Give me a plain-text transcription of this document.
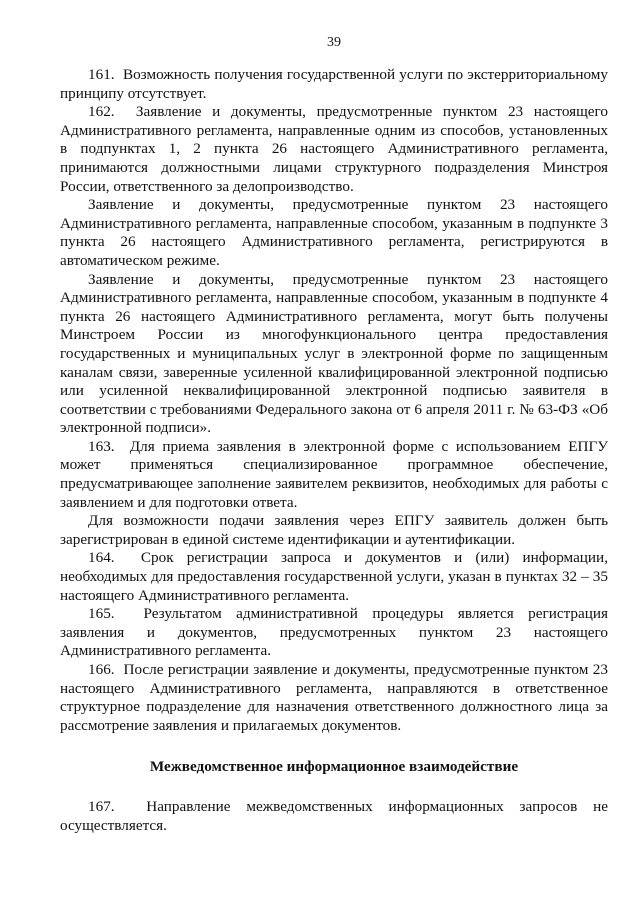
39

161.  Возможность получения государственной услуги по экстерриториальному принципу отсутствует.

162.  Заявление и документы, предусмотренные пунктом 23 настоящего Административного регламента, направленные одним из способов, установленных в подпунктах 1, 2 пункта 26 настоящего Административного регламента, принимаются должностными лицами структурного подразделения Минстроя России, ответственного за делопроизводство.

Заявление и документы, предусмотренные пунктом 23 настоящего Административного регламента, направленные способом, указанным в подпункте 3 пункта 26 настоящего Административного регламента, регистрируются в автоматическом режиме.

Заявление и документы, предусмотренные пунктом 23 настоящего Административного регламента, направленные способом, указанным в подпункте 4 пункта 26 настоящего Административного регламента, могут быть получены Минстроем России из многофункционального центра предоставления государственных и муниципальных услуг в электронной форме по защищенным каналам связи, заверенные усиленной квалифицированной электронной подписью или усиленной неквалифицированной электронной подписью заявителя в соответствии с требованиями Федерального закона от 6 апреля 2011 г. № 63-ФЗ «Об электронной подписи».

163.  Для приема заявления в электронной форме с использованием ЕПГУ может применяться специализированное программное обеспечение, предусматривающее заполнение заявителем реквизитов, необходимых для работы с заявлением и для подготовки ответа.

Для возможности подачи заявления через ЕПГУ заявитель должен быть зарегистрирован в единой системе идентификации и аутентификации.

164.  Срок регистрации запроса и документов и (или) информации, необходимых для предоставления государственной услуги, указан в пунктах 32 – 35 настоящего Административного регламента.

165.  Результатом административной процедуры является регистрация заявления и документов, предусмотренных пунктом 23 настоящего Административного регламента.

166.  После регистрации заявление и документы, предусмотренные пунктом 23 настоящего Административного регламента, направляются в ответственное структурное подразделение для назначения ответственного должностного лица за рассмотрение заявления и прилагаемых документов.

Межведомственное информационное взаимодействие

167.  Направление межведомственных информационных запросов не осуществляется.
